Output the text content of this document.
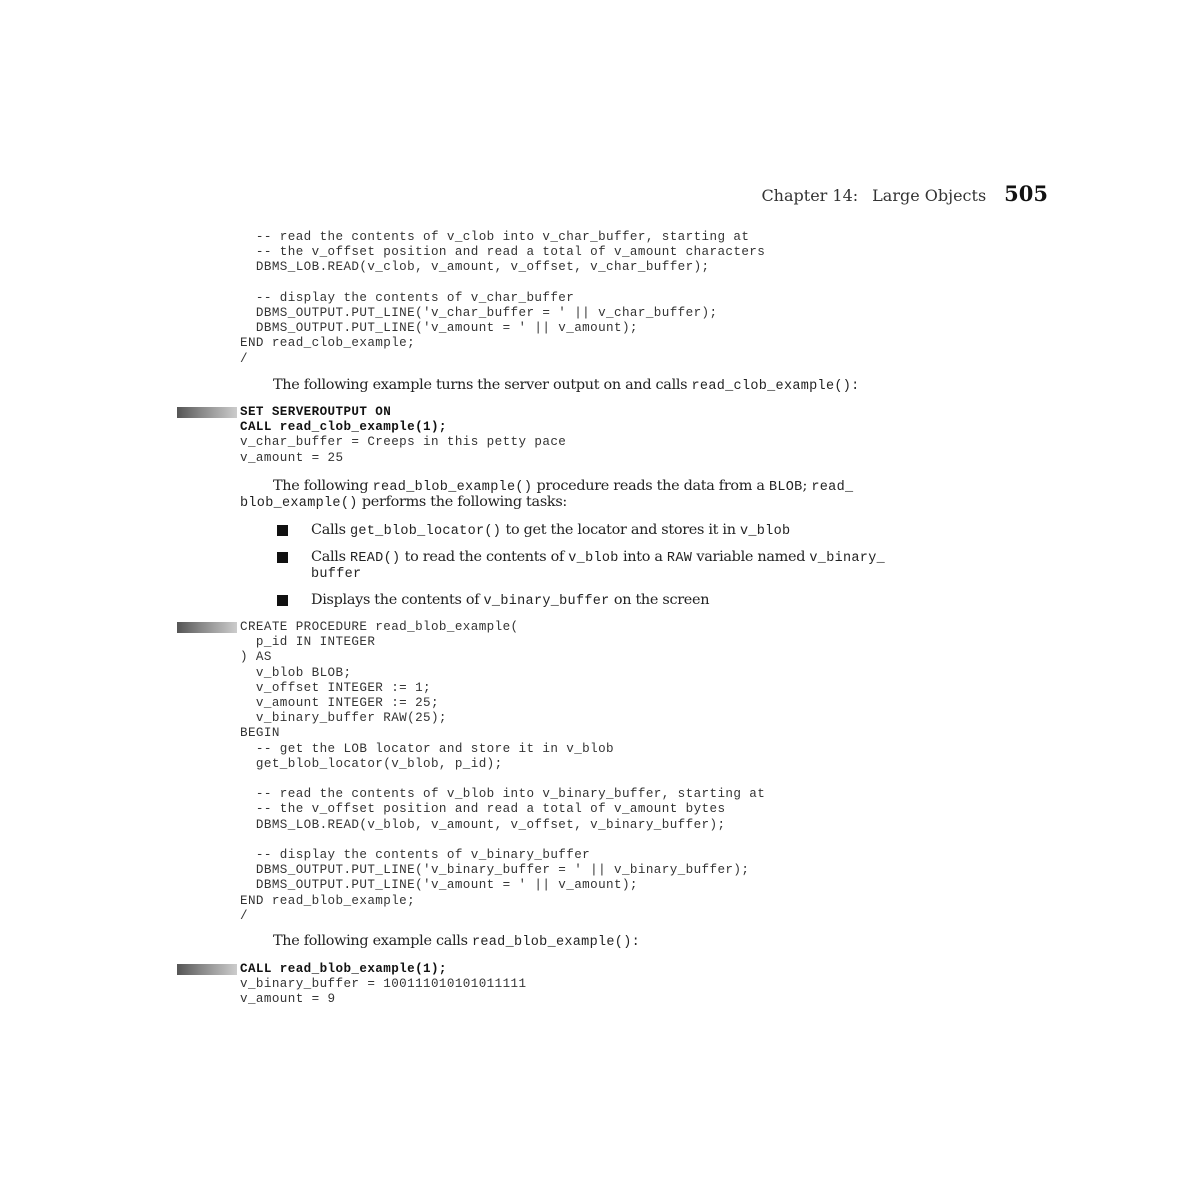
Chapter 14: Large Objects 505
-- read the contents of v_clob into v_char_buffer, starting at
-- the v_offset position and read a total of v_amount characters
DBMS_LOB.READ(v_clob, v_amount, v_offset, v_char_buffer);

-- display the contents of v_char_buffer
DBMS_OUTPUT.PUT_LINE('v_char_buffer = ' || v_char_buffer);
DBMS_OUTPUT.PUT_LINE('v_amount = ' || v_amount);
END read_clob_example;
/
The following example turns the server output on and calls read_clob_example():
SET SERVEROUTPUT ON
CALL read_clob_example(1);
v_char_buffer = Creeps in this petty pace
v_amount = 25
The following read_blob_example() procedure reads the data from a BLOB; read_
blob_example() performs the following tasks:
Calls get_blob_locator() to get the locator and stores it in v_blob
Calls READ() to read the contents of v_blob into a RAW variable named v_binary_
buffer
Displays the contents of v_binary_buffer on the screen
CREATE PROCEDURE read_blob_example(
p_id IN INTEGER
) AS
v_blob BLOB;
v_offset INTEGER := 1;
v_amount INTEGER := 25;
v_binary_buffer RAW(25);
BEGIN
-- get the LOB locator and store it in v_blob
get_blob_locator(v_blob, p_id);

-- read the contents of v_blob into v_binary_buffer, starting at
-- the v_offset position and read a total of v_amount bytes
DBMS_LOB.READ(v_blob, v_amount, v_offset, v_binary_buffer);

-- display the contents of v_binary_buffer
DBMS_OUTPUT.PUT_LINE('v_binary_buffer = ' || v_binary_buffer);
DBMS_OUTPUT.PUT_LINE('v_amount = ' || v_amount);
END read_blob_example;
/
The following example calls read_blob_example():
CALL read_blob_example(1);
v_binary_buffer = 100111010101011111
v_amount = 9
